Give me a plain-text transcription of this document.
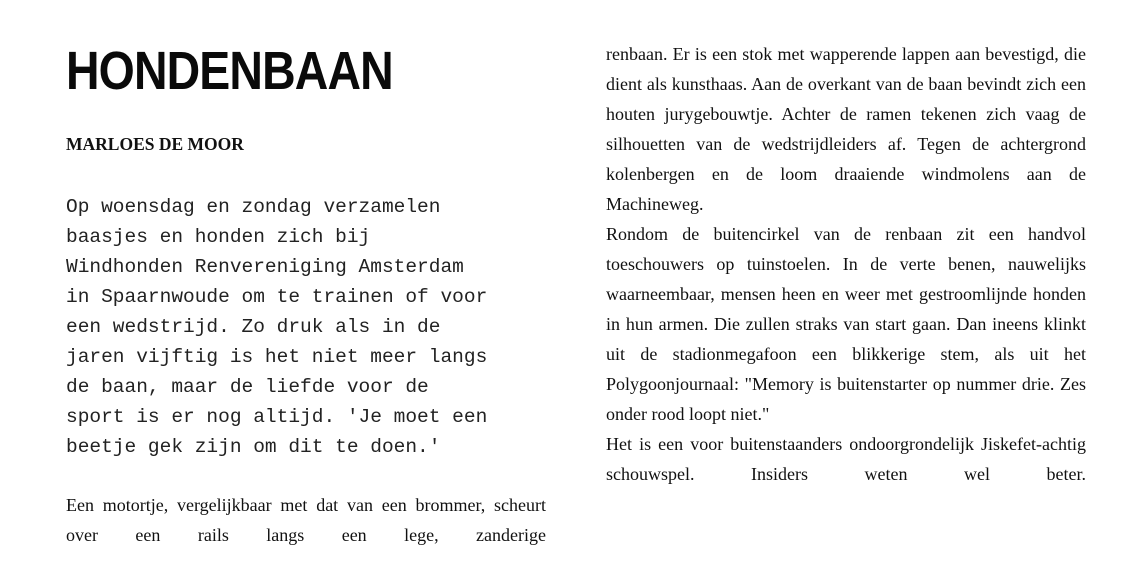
HONDENBAAN
MARLOES DE MOOR
Op woensdag en zondag verzamelen
baasjes en honden zich bij
Windhonden Renvereniging Amsterdam
in Spaarnwoude om te trainen of voor
een wedstrijd. Zo druk als in de
jaren vijftig is het niet meer langs
de baan, maar de liefde voor de
sport is er nog altijd. 'Je moet een
beetje gek zijn om dit te doen.'

Een motortje, vergelijkbaar met dat van een brommer, scheurt over een rails langs een lege, zanderige

renbaan. Er is een stok met wapperende lappen aan bevestigd, die dient als kunsthaas. Aan de overkant van de baan bevindt zich een houten jurygebouwtje. Achter de ramen tekenen zich vaag de silhouetten van de wedstrijdleiders af. Tegen de achtergrond kolenbergen en de loom draaiende windmolens aan de Machineweg.

Rondom de buitencirkel van de renbaan zit een handvol toeschouwers op tuinstoelen. In de verte benen, nauwelijks waarneembaar, mensen heen en weer met gestroomlijnde honden in hun armen. Die zullen straks van start gaan. Dan ineens klinkt uit de stadionmegafoon een blikkerige stem, als uit het Polygoonjournaal: "Memory is buitenstarter op nummer drie. Zes onder rood loopt niet."

Het is een voor buitenstaanders ondoorgrondelijk Jiskefet-achtig schouwspel. Insiders weten wel beter.
